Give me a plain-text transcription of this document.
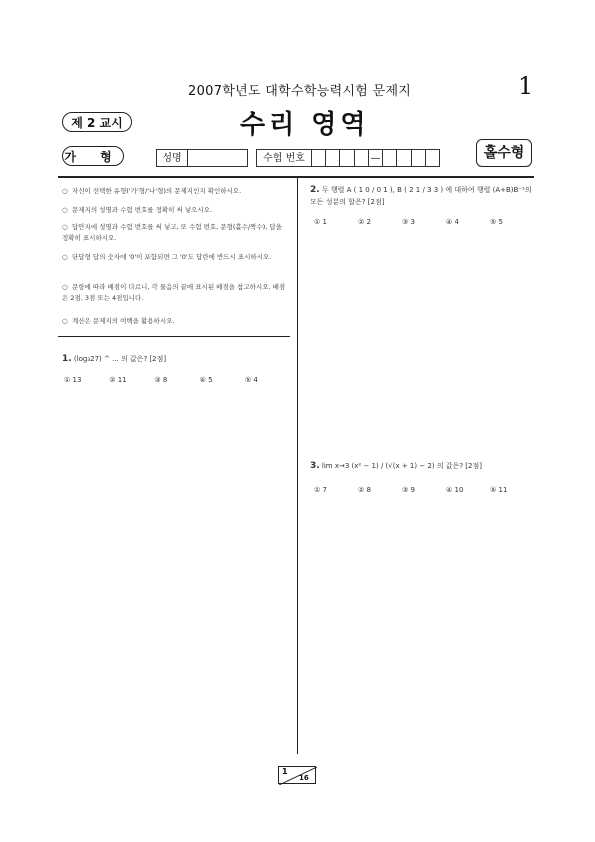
2007학년도 대학수학능력시험 문제지	1
제 2 교시	수리 영역
가 형	성명	수험 번호	—	홀수형
○ 자신이 선택한 유형('가'형/'나'형)의 문제지인지 확인하시오.
○ 문제지의 성명과 수험 번호를 정확히 써 넣으시오.
○ 답안지에 성명과 수험 번호를 써 넣고, 또 수험 번호, 문형(홀수/짝수), 답을 정확히 표시하시오.
○ 단답형 답의 숫자에 '0'이 포함되면 그 '0'도 답란에 반드시 표시하시오.
○ 문항에 따라 배점이 다르니, 각 물음의 끝에 표시된 배점을 참고하시오. 배점은 2점, 3점 또는 4점입니다.
○ 계산은 문제지의 여백을 활용하시오.
1. (log₃27) ^ ... 의 값은? [2점]
① 13	② 11	③ 8	④ 5	⑤ 4
2. 두 행렬 A ( 1 0 / 0 1 ), B ( 2 1 / 3 3 ) 에 대하여 행렬 (A+B)B⁻¹의 모든 성분의 합은? [2점]
① 1	② 2	③ 3	④ 4	⑤ 5
3. lim x→3 (x² − 1) / (√(x + 1) − 2) 의 값은? [2점]
① 7	② 8	③ 9	④ 10	⑤ 11
1
16
